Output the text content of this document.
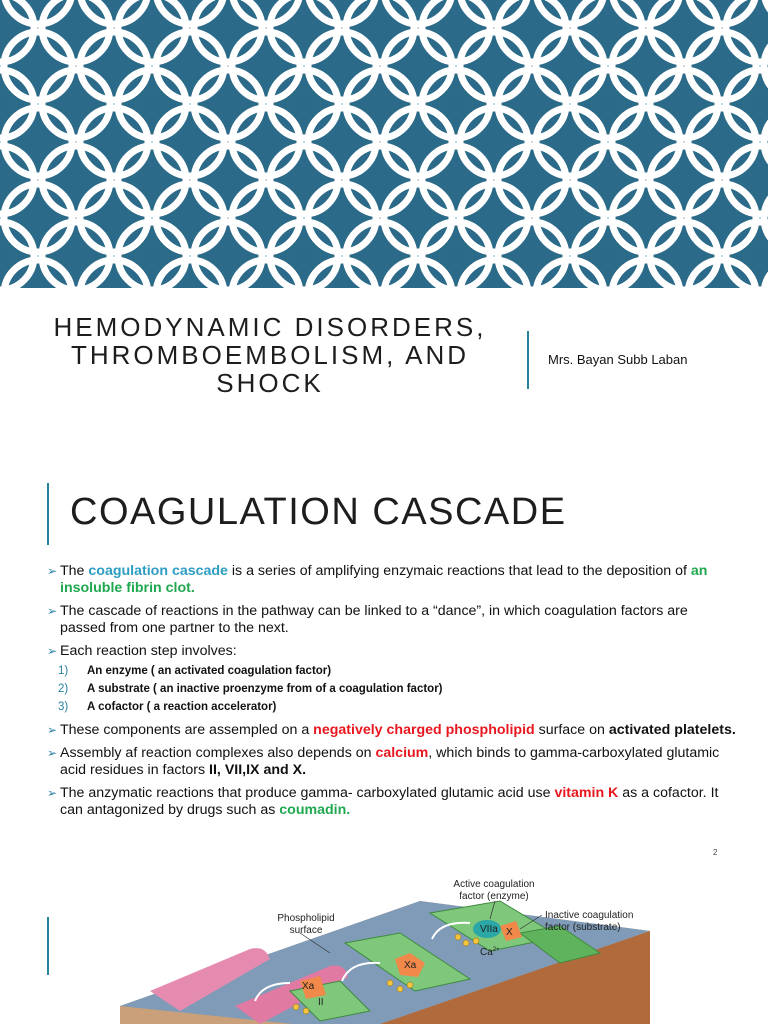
HEMODYNAMIC DISORDERS,
THROMBOEMBOLISM, AND
SHOCK
Mrs. Bayan Subb Laban
COAGULATION CASCADE
➢ The coagulation cascade is a series of amplifying enzymaic reactions that lead to the deposition of an insoluble fibrin clot.
➢ The cascade of reactions in the pathway can be linked to a “dance”, in which coagulation factors are passed from one partner to the next.
➢ Each reaction step involves:
1) An enzyme ( an activated coagulation factor)
2) A substrate ( an inactive proenzyme from of a coagulation factor)
3) A cofactor ( a reaction accelerator)
➢ These components are assempled on a negatively charged phospholipid surface on activated platelets.
➢ Assembly af reaction complexes also depends on calcium, which binds to gamma-carboxylated glutamic acid residues in factors II, VII,IX and X.
➢ The anzymatic reactions that produce gamma- carboxylated glutamic acid use vitamin K as a cofactor. It can antagonized by drugs such as coumadin.
2
Active coagulation
factor (enzyme)
Phospholipid
surface
Inactive coagulation
factor (substrate)
VIIa X
Xa
Xa
II
$Ca^{2+}$
